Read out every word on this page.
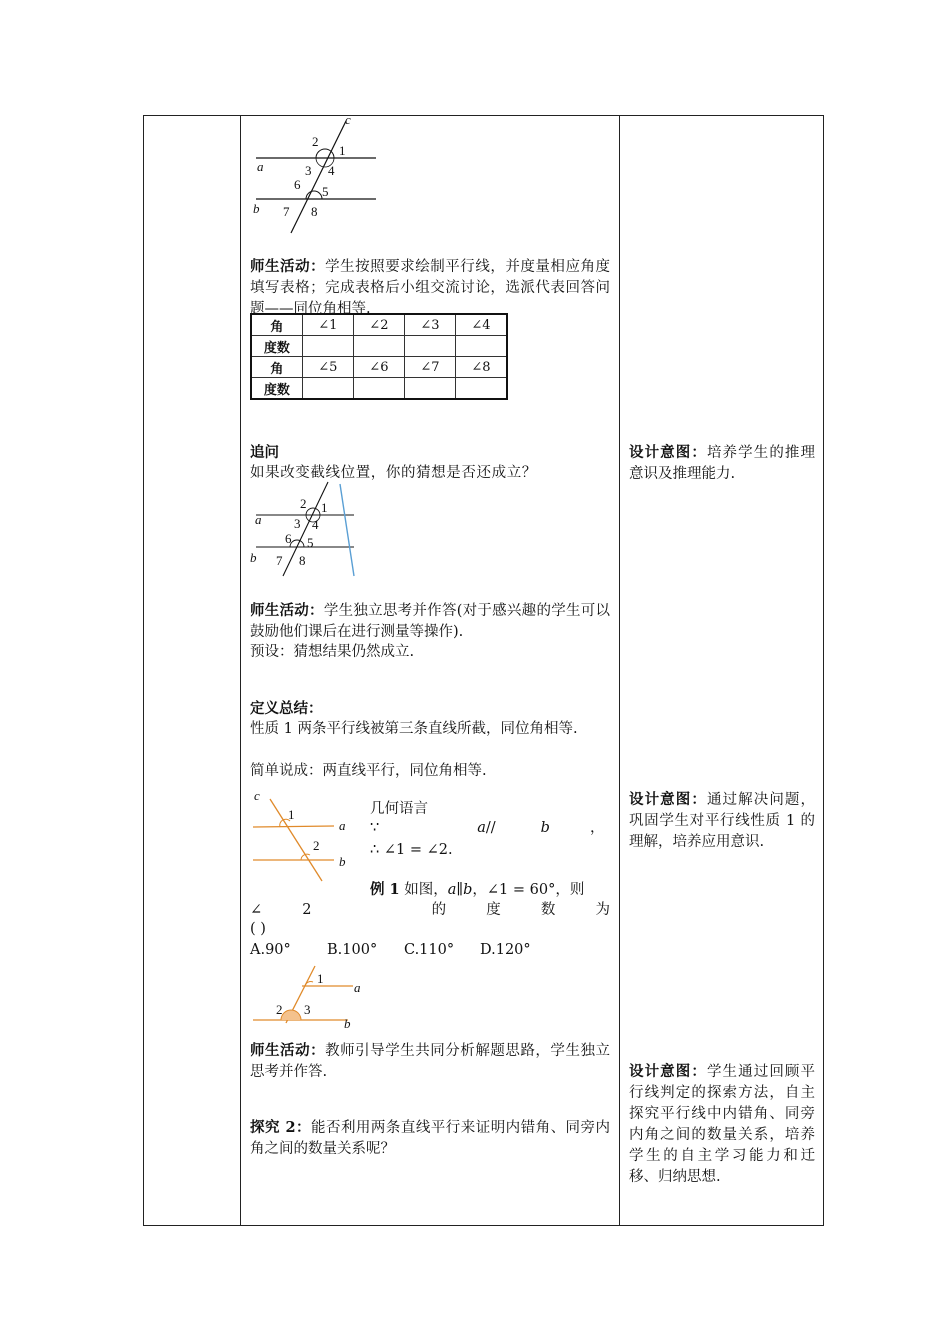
c
a
b
1
2
3 4
5
6
7 8

师生活动：学生按照要求绘制平行线，并度量相应角度填写表格；完成表格后小组交流讨论，选派代表回答问题——同位角相等.

角	∠1	∠2	∠3	∠4
度数				
角	∠5	∠6	∠7	∠8
度数				

追问

如果改变截线位置，你的猜想是否还成立？

a
b
1
2
3 4
5
6
7 8

师生活动：学生独立思考并作答(对于感兴趣的学生可以鼓励他们课后在进行测量等操作).

预设：猜想结果仍然成立.

定义总结：

性质 1 两条平行线被第三条直线所截，同位角相等.

简单说成：两直线平行，同位角相等.

c
1
a
2
b

几何语言

∵	a//	b	，

∴ ∠1 = ∠2.

例 1 如图，a∥b，∠1 = 60°，则

∠	2	的	度	数	为

( )

A.90° B.100° C.110° D.120°
1
a
2 3
b

师生活动：教师引导学生共同分析解题思路，学生独立思考并作答.

探究 2：能否利用两条直线平行来证明内错角、同旁内角之间的数量关系呢？

设计意图：培养学生的推理意识及推理能力.

设计意图：通过解决问题，巩固学生对平行线性质 1 的理解，培养应用意识.

设计意图：学生通过回顾平行线判定的探索方法，自主探究平行线中内错角、同旁内角之间的数量关系，培养学生的自主学习能力和迁移、归纳思想.
